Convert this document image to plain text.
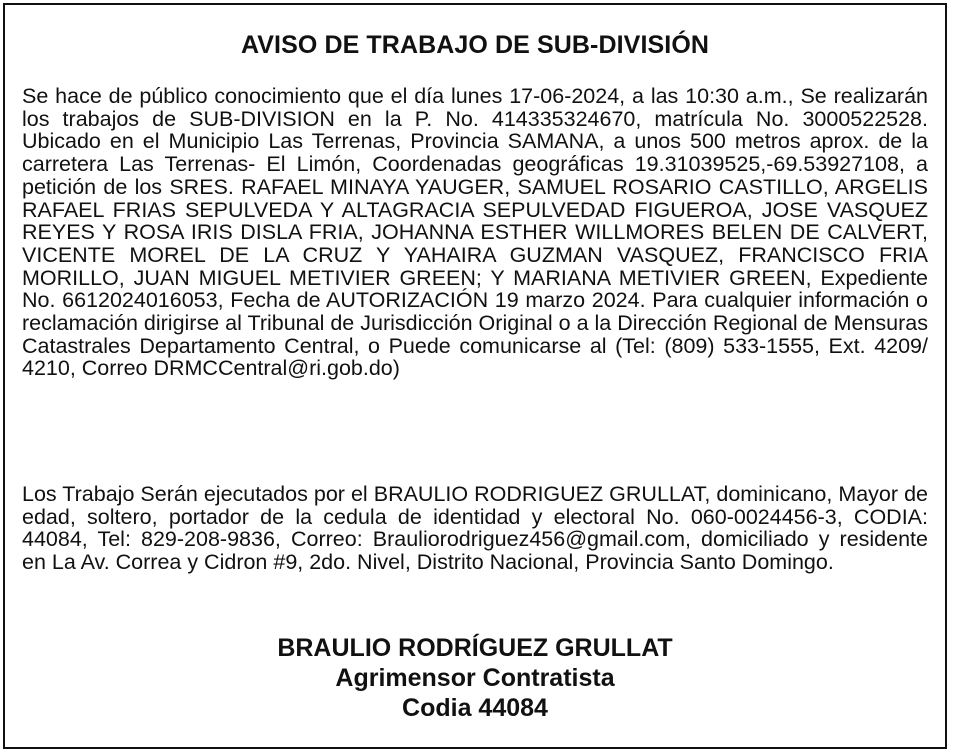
AVISO DE TRABAJO DE SUB-DIVISIÓN

Se hace de público conocimiento que el día lunes 17-06-2024, a las 10:30 a.m., Se realizarán los trabajos de SUB-DIVISION en la P. No. 414335324670, matrícula No. 3000522528. Ubicado en el Municipio Las Terrenas, Provincia SAMANA, a unos 500 metros aprox. de la carretera Las Terrenas- El Limón, Coordenadas geográficas 19.31039525,-69.53927108, a petición de los SRES. RAFAEL MINAYA YAUGER, SAMUEL ROSARIO CASTILLO, ARGELIS RAFAEL FRIAS SEPULVEDA Y ALTAGRACIA SEPULVEDAD FIGUEROA, JOSE VASQUEZ REYES Y ROSA IRIS DISLA FRIA, JOHANNA ESTHER WILLMORES BELEN DE CALVERT, VICENTE MOREL DE LA CRUZ Y YAHAIRA GUZMAN VASQUEZ, FRANCISCO FRIA MORILLO, JUAN MIGUEL METIVIER GREEN; Y MARIANA METIVIER GREEN, Expediente No. 6612024016053, Fecha de AUTORIZACIÓN 19 marzo 2024. Para cualquier información o reclamación dirigirse al Tribunal de Jurisdicción Original o a la Dirección Regional de Mensuras Catastrales Departamento Central, o Puede comunicarse al (Tel: (809) 533-1555, Ext. 4209/ 4210, Correo DRMCCentral@ri.gob.do)

Los Trabajo Serán ejecutados por el BRAULIO RODRIGUEZ GRULLAT, dominicano, Mayor de edad, soltero, portador de la cedula de identidad y electoral No. 060-0024456-3, CODIA: 44084, Tel: 829-208-9836, Correo: Brauliorodriguez456@gmail.com, domiciliado y residente en La Av. Correa y Cidron #9, 2do. Nivel, Distrito Nacional, Provincia Santo Domingo.

BRAULIO RODRÍGUEZ GRULLAT
Agrimensor Contratista
Codia 44084
